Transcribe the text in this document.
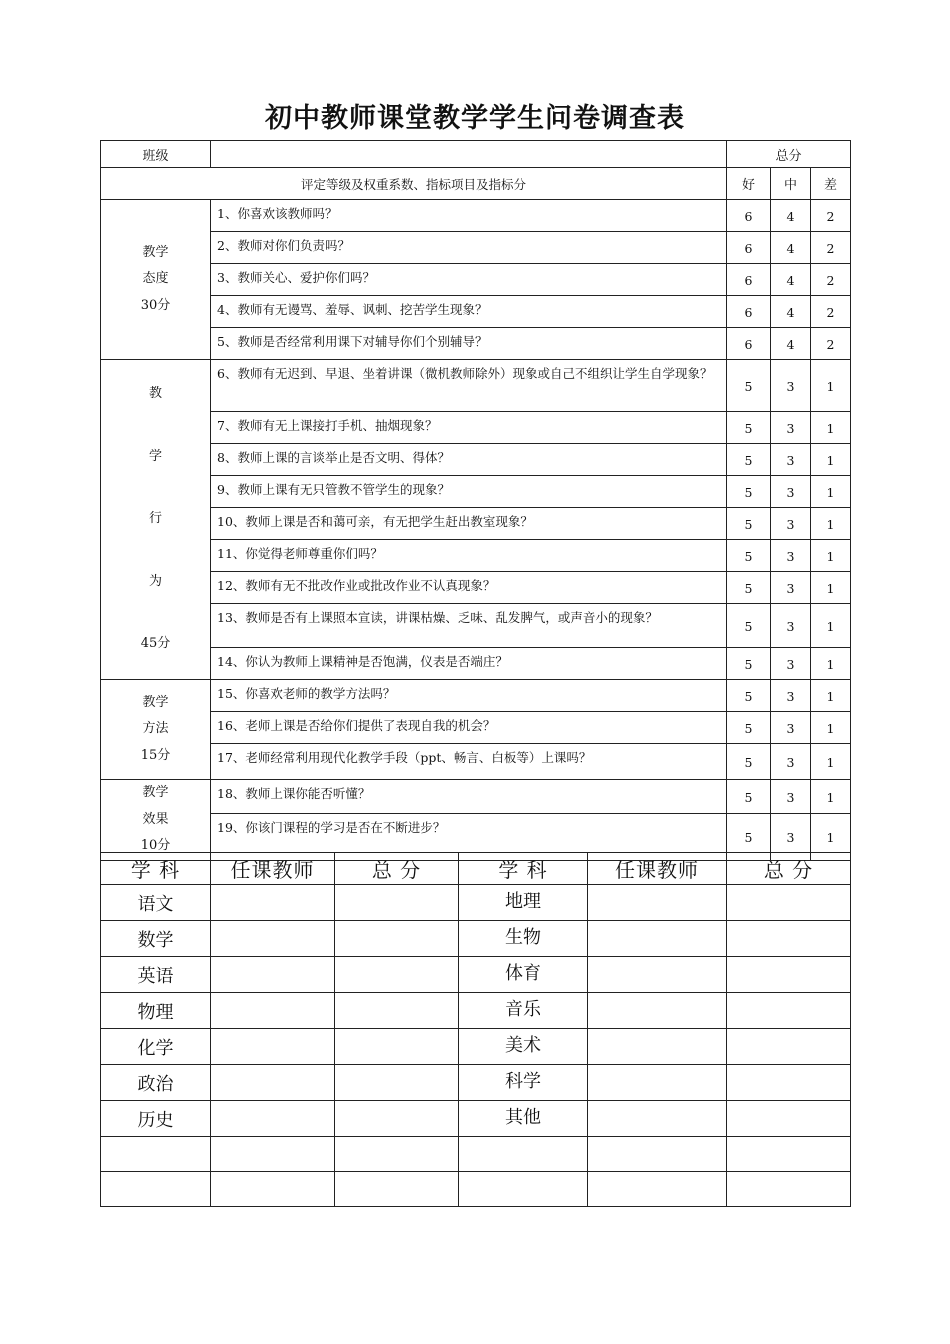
初中教师课堂教学学生问卷调查表
班级		总分		
评定等级及权重系数、指标项目及指标分		好	中	差

教学
态度
30分	1、你喜欢该教师吗？	6	4	2
	2、教师对你们负责吗？	6	4	2
	3、教师关心、爱护你们吗？	6	4	2
	4、教师有无谩骂、羞辱、讽刺、挖苦学生现象？	6	4	2
	5、教师是否经常利用课下对辅导你们个别辅导？	6	4	2

教
学
行
为
45分	6、教师有无迟到、早退、坐着讲课（微机教师除外）现象或自己不组织让学生自学现象？	5	3	1
	7、教师有无上课接打手机、抽烟现象？	5	3	1
	8、教师上课的言谈举止是否文明、得体？	5	3	1
	9、教师上课有无只管教不管学生的现象？	5	3	1
	10、教师上课是否和蔼可亲，有无把学生赶出教室现象？	5	3	1
	11、你觉得老师尊重你们吗？	5	3	1
	12、教师有无不批改作业或批改作业不认真现象？	5	3	1
	13、教师是否有上课照本宣读，讲课枯燥、乏味、乱发脾气，或声音小的现象？	5	3	1
	14、你认为教师上课精神是否饱满，仪表是否端庄？	5	3	1

教学
方法
15分	15、你喜欢老师的教学方法吗？	5	3	1
	16、老师上课是否给你们提供了表现自我的机会？	5	3	1
	17、老师经常利用现代化教学手段（ppt、畅言、白板等）上课吗？	5	3	1

教学
效果
10分	18、教师上课你能否听懂？	5	3	1
	19、你该门课程的学习是否在不断进步？	5	3	1
学 科	任课教师	总 分	学 科	任课教师	总 分
语文			地理		
数学			生物		
英语			体育		
物理			音乐		
化学			美术		
政治			科学		
历史			其他		
